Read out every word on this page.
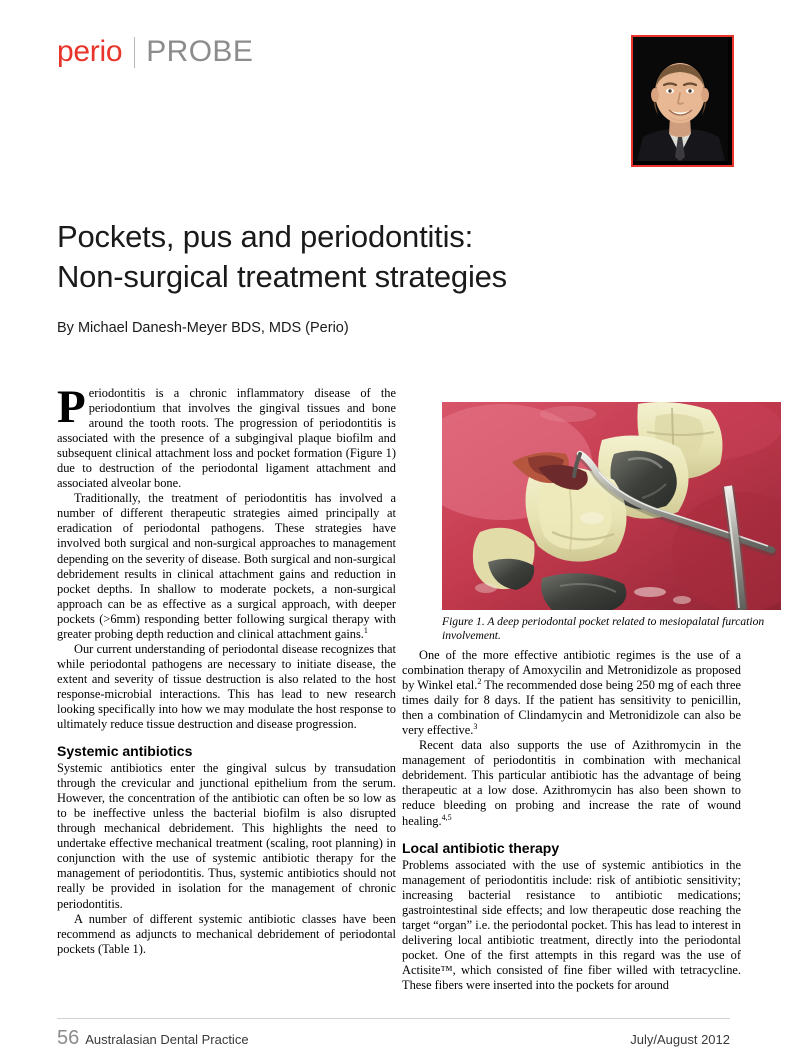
perio PROBE
Pockets, pus and periodontitis:
Non-surgical treatment strategies
By Michael Danesh-Meyer BDS, MDS (Perio)

Periodontitis is a chronic inflammatory disease of the periodontium that involves the gingival tissues and bone around the tooth roots. The progression of periodontitis is associated with the presence of a subgingival plaque biofilm and subsequent clinical attachment loss and pocket formation (Figure 1) due to destruction of the periodontal ligament attachment and associated alveolar bone.

Traditionally, the treatment of periodontitis has involved a number of different therapeutic strategies aimed principally at eradication of periodontal pathogens. These strategies have involved both surgical and non-surgical approaches to management depending on the severity of disease. Both surgical and non-surgical debridement results in clinical attachment gains and reduction in pocket depths. In shallow to moderate pockets, a non-surgical approach can be as effective as a surgical approach, with deeper pockets (>6mm) responding better following surgical therapy with greater probing depth reduction and clinical attachment gains.$^1$

Our current understanding of periodontal disease recognizes that while periodontal pathogens are necessary to initiate disease, the extent and severity of tissue destruction is also related to the host response-microbial interactions. This has lead to new research looking specifically into how we may modulate the host response to ultimately reduce tissue destruction and disease progression.

Systemic antibiotics

Systemic antibiotics enter the gingival sulcus by transudation through the crevicular and junctional epithelium from the serum. However, the concentration of the antibiotic can often be so low as to be ineffective unless the bacterial biofilm is also disrupted through mechanical debridement. This highlights the need to undertake effective mechanical treatment (scaling, root planning) in conjunction with the use of systemic antibiotic therapy for the management of periodontitis. Thus, systemic antibiotics should not really be provided in isolation for the management of chronic periodontitis.

A number of different systemic antibiotic classes have been recommend as adjuncts to mechanical debridement of periodontal pockets (Table 1).

Figure 1. A deep periodontal pocket related to mesiopalatal furcation involvement.

One of the more effective antibiotic regimes is the use of a combination therapy of Amoxycilin and Metronidizole as proposed by Winkel etal.$^2$ The recommended dose being 250 mg of each three times daily for 8 days. If the patient has sensitivity to penicillin, then a combination of Clindamycin and Metronidizole can also be very effective.$^3$

Recent data also supports the use of Azithromycin in the management of periodontitis in combination with mechanical debridement. This particular antibiotic has the advantage of being therapeutic at a low dose. Azithromycin has also been shown to reduce bleeding on probing and increase the rate of wound healing.$^{4,5}$

Local antibiotic therapy

Problems associated with the use of systemic antibiotics in the management of periodontitis include: risk of antibiotic sensitivity; increasing bacterial resistance to antibiotic medications; gastrointestinal side effects; and low therapeutic dose reaching the target “organ” i.e. the periodontal pocket. This has lead to interest in delivering local antibiotic treatment, directly into the periodontal pocket. One of the first attempts in this regard was the use of Actisite™, which consisted of fine fiber willed with tetracycline. These fibers were inserted into the pockets for around

56 Australasian Dental Practice	July/August 2012
